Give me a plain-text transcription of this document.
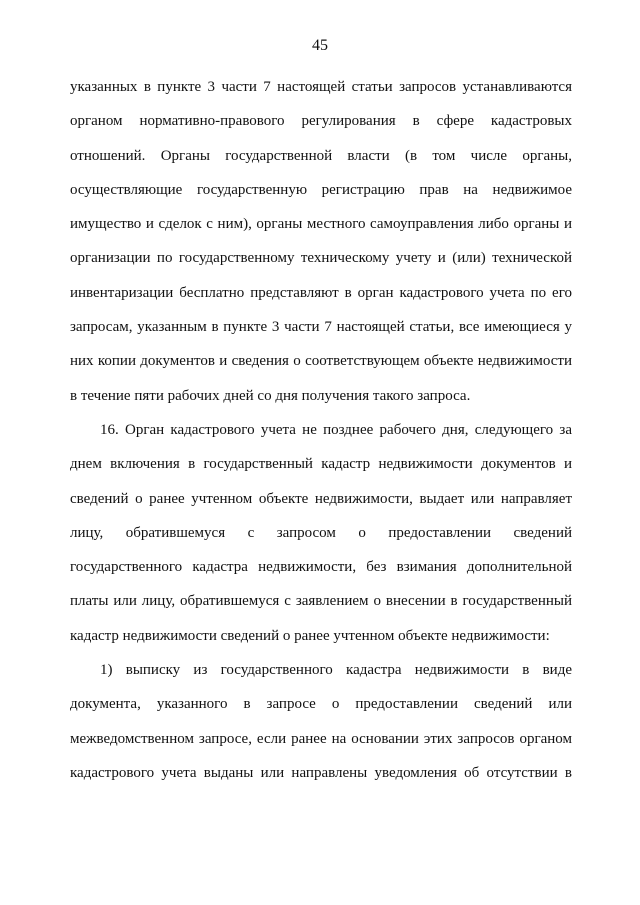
45
указанных в пункте 3 части 7 настоящей статьи запросов устанавливаются
органом нормативно-правового регулирования в сфере кадастровых
отношений. Органы государственной власти (в том числе органы,
осуществляющие государственную регистрацию прав на недвижимое
имущество и сделок с ним), органы местного самоуправления либо органы и
организации по государственному техническому учету и (или) технической
инвентаризации бесплатно представляют в орган кадастрового учета по его
запросам, указанным в пункте 3 части 7 настоящей статьи, все имеющиеся у
них копии документов и сведения о соответствующем объекте недвижимости
в течение пяти рабочих дней со дня получения такого запроса.
16. Орган кадастрового учета не позднее рабочего дня, следующего за
днем включения в государственный кадастр недвижимости документов и
сведений о ранее учтенном объекте недвижимости, выдает или направляет
лицу, обратившемуся с запросом о предоставлении сведений
государственного кадастра недвижимости, без взимания дополнительной
платы или лицу, обратившемуся с заявлением о внесении в государственный
кадастр недвижимости сведений о ранее учтенном объекте недвижимости:
1) выписку из государственного кадастра недвижимости в виде
документа, указанного в запросе о предоставлении сведений или
межведомственном запросе, если ранее на основании этих запросов органом
кадастрового учета выданы или направлены уведомления об отсутствии в
